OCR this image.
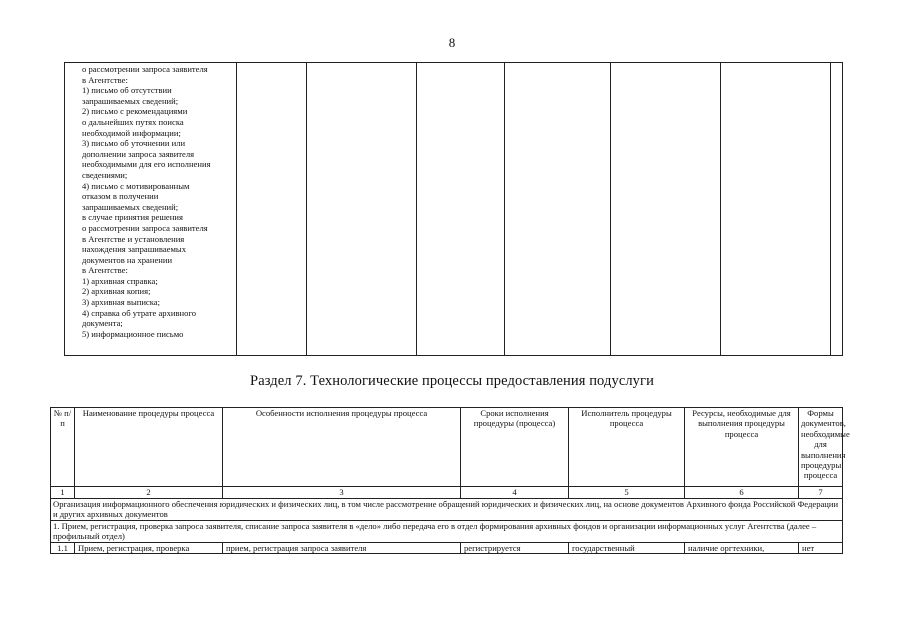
8
о рассмотрении запроса заявителя
в Агентстве:
1) письмо об отсутствии
запрашиваемых сведений;
2) письмо с рекомендациями
о дальнейших путях поиска
необходимой информации;
3) письмо об уточнении или
дополнении запроса заявителя
необходимыми для его исполнения
сведениями;
4) письмо с мотивированным
отказом в получении
запрашиваемых сведений;
в случае принятия решения
о рассмотрении запроса заявителя
в Агентстве и установления
нахождения запрашиваемых
документов на хранении
в Агентстве:
1) архивная справка;
2) архивная копия;
3) архивная выписка;
4) справка об утрате архивного
документа;
5) информационное письмо

Раздел 7. Технологические процессы предоставления подуслуги
№ п/п	Наименование процедуры процесса	Особенности исполнения процедуры процесса	Сроки исполнения процедуры (процесса)	Исполнитель процедуры процесса	Ресурсы, необходимые для выполнения процедуры процесса	Формы документов, необходимые для выполнения процедуры процесса
1	2	3	4	5	6	7
Организация информационного обеспечения юридических и физических лиц, в том числе рассмотрение обращений юридических и физических лиц, на основе документов Архивного фонда Российской Федерации и других архивных документов						
1. Прием, регистрация, проверка запроса заявителя, списание запроса заявителя в «дело» либо передача его в отдел формирования архивных фондов и организации информационных услуг Агентства (далее – профильный отдел)						
1.1	Прием, регистрация, проверка	прием, регистрация запроса заявителя	регистрируется	государственный	наличие оргтехники,	нет
